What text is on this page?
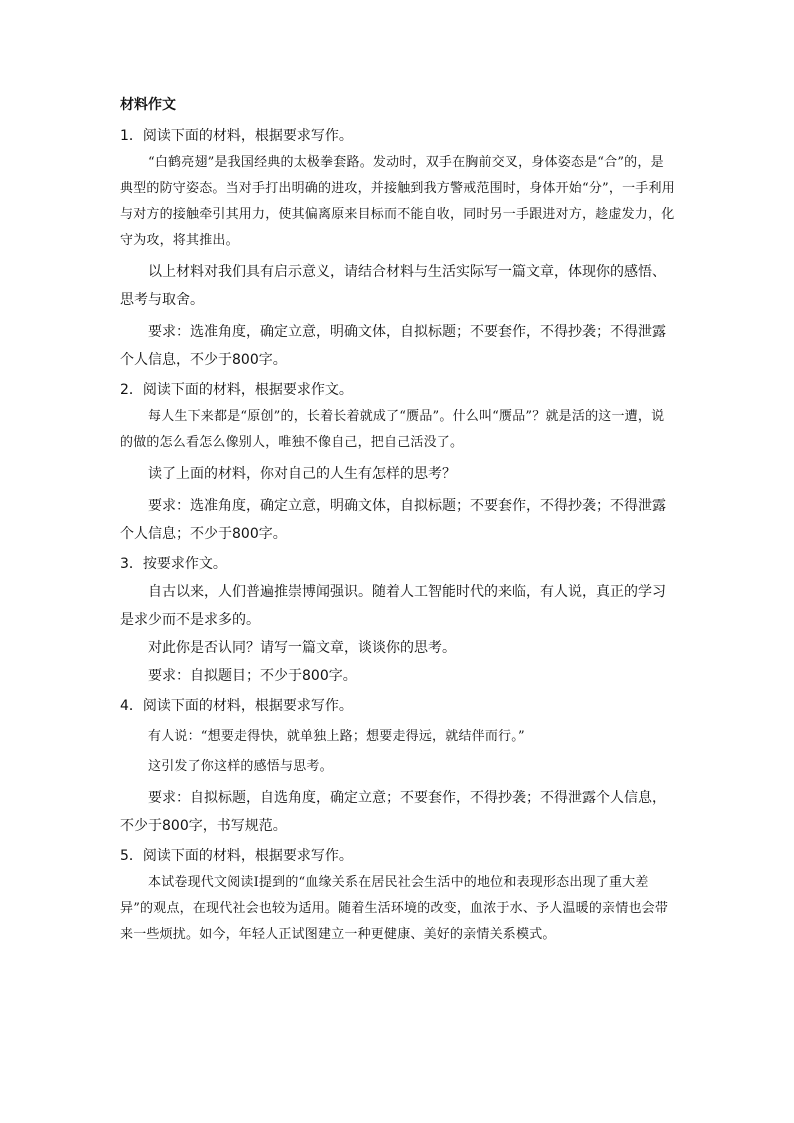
材料作文

1．阅读下面的材料，根据要求写作。

“白鹤亮翅”是我国经典的太极拳套路。发动时，双手在胸前交叉，身体姿态是“合”的，是典型的防守姿态。当对手打出明确的进攻，并接触到我方警戒范围时，身体开始“分”，一手利用与对方的接触牵引其用力，使其偏离原来目标而不能自收，同时另一手跟进对方，趁虚发力，化守为攻，将其推出。

以上材料对我们具有启示意义，请结合材料与生活实际写一篇文章，体现你的感悟、思考与取舍。

要求：选准角度，确定立意，明确文体，自拟标题；不要套作，不得抄袭；不得泄露个人信息，不少于800字。

2．阅读下面的材料，根据要求作文。

每人生下来都是“原创”的，长着长着就成了“赝品”。什么叫“赝品”？就是活的这一遭，说的做的怎么看怎么像别人，唯独不像自己，把自己活没了。

读了上面的材料，你对自己的人生有怎样的思考？

要求：选准角度，确定立意，明确文体，自拟标题；不要套作，不得抄袭；不得泄露个人信息；不少于800字。

3．按要求作文。

自古以来，人们普遍推崇博闻强识。随着人工智能时代的来临，有人说，真正的学习是求少而不是求多的。

对此你是否认同？请写一篇文章，谈谈你的思考。

要求：自拟题目；不少于800字。

4．阅读下面的材料，根据要求写作。

有人说：“想要走得快，就单独上路；想要走得远，就结伴而行。”

这引发了你这样的感悟与思考。

要求：自拟标题，自选角度，确定立意；不要套作，不得抄袭；不得泄露个人信息，不少于800字，书写规范。

5．阅读下面的材料，根据要求写作。

本试卷现代文阅读Ⅰ提到的“血缘关系在居民社会生活中的地位和表现形态出现了重大差异”的观点，在现代社会也较为适用。随着生活环境的改变，血浓于水、予人温暖的亲情也会带来一些烦扰。如今，年轻人正试图建立一种更健康、美好的亲情关系模式。
